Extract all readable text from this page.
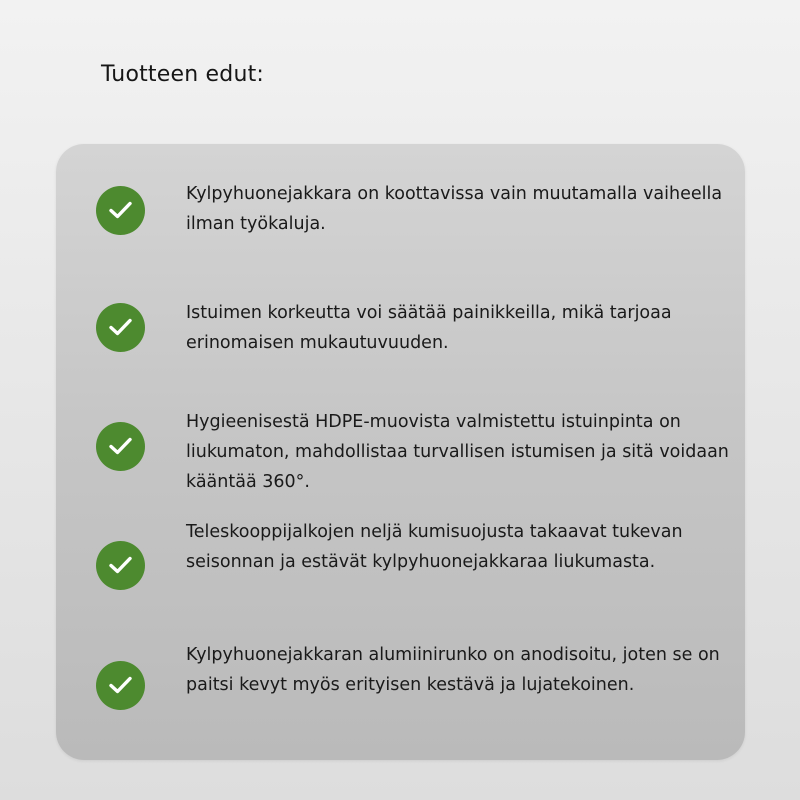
Tuotteen edut:

Kylpyhuonejakkara on koottavissa vain muutamalla vaiheella ilman työkaluja.

Istuimen korkeutta voi säätää painikkeilla, mikä tarjoaa erinomaisen mukautuvuuden.

Hygieenisestä HDPE-muovista valmistettu istuinpinta on liukumaton, mahdollistaa turvallisen istumisen ja sitä voidaan kääntää 360°.

Teleskooppijalkojen neljä kumisuojusta takaavat tukevan seisonnan ja estävät kylpyhuonejakkaraa liukumasta.

Kylpyhuonejakkaran alumiinirunko on anodisoitu, joten se on paitsi kevyt myös erityisen kestävä ja lujatekoinen.
